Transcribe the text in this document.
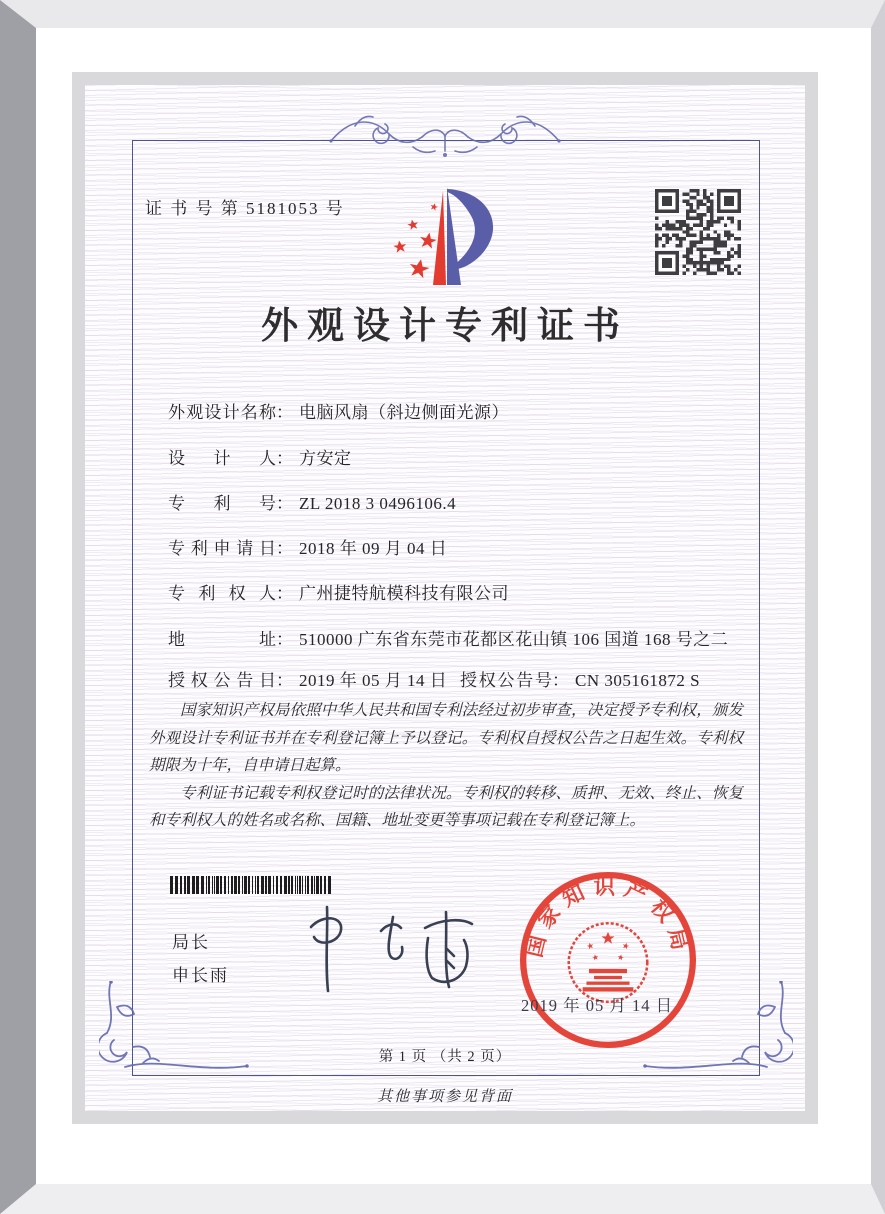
证 书 号 第 5181053 号
外观设计专利证书
外观设计名称： 电脑风扇（斜边侧面光源）
设计人： 方安定
专利号： ZL 2018 3 0496106.4
专利申请日： 2018 年 09 月 04 日
专利权人： 广州捷特航模科技有限公司
地址： 510000 广东省东莞市花都区花山镇 106 国道 168 号之二
授权公告日： 2019 年 05 月 14 日 授权公告号： CN 305161872 S

国家知识产权局依照中华人民共和国专利法经过初步审查，决定授予专利权，颁发外观设计专利证书并在专利登记簿上予以登记。专利权自授权公告之日起生效。专利权期限为十年，自申请日起算。

专利证书记载专利权登记时的法律状况。专利权的转移、质押、无效、终止、恢复和专利权人的姓名或名称、国籍、地址变更等事项记载在专利登记簿上。

局长
申长雨
国家知识产权局
2019 年 05 月 14 日
第 1 页 （共 2 页）
其他事项参见背面
